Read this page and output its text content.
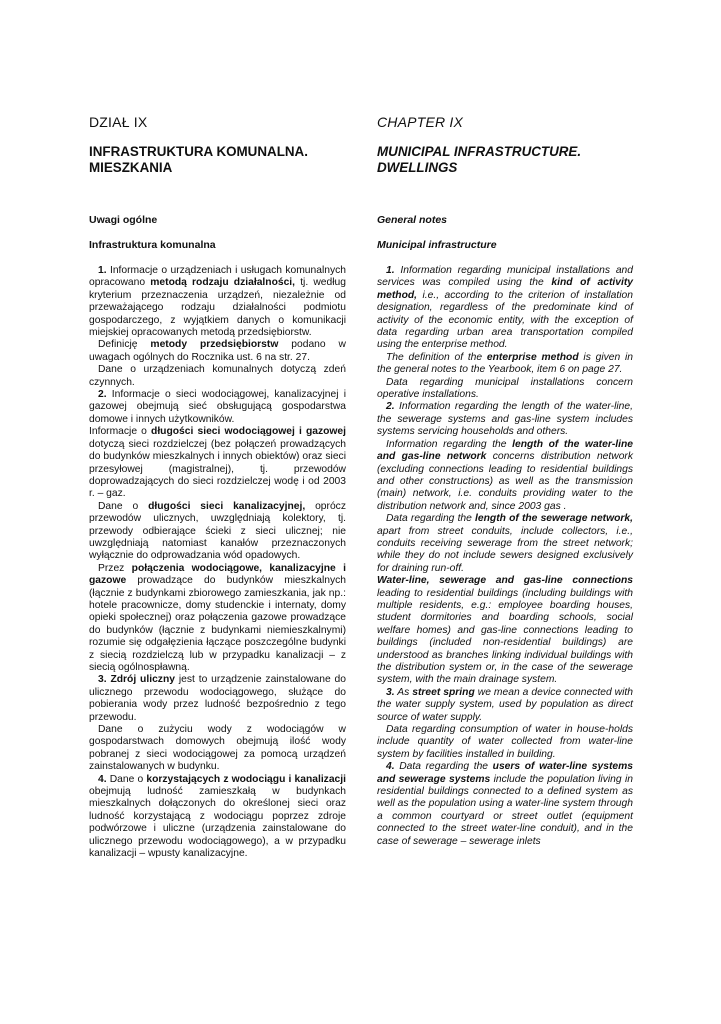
DZIAŁ IX
INFRASTRUKTURA KOMUNALNA.
MIESZKANIA
Uwagi ogólne
Infrastruktura komunalna

1. Informacje o urządzeniach i usługach komunalnych opracowano metodą rodzaju działalności, tj. według kryterium przeznaczenia urządzeń, niezależnie od przeważającego rodzaju działalności podmiotu gospodarczego, z wyjątkiem danych o komunikacji miejskiej opracowanych metodą przedsiębiorstw.

Definicję metody przedsiębiorstw podano w uwagach ogólnych do Rocznika ust. 6 na str. 27.

Dane o urządzeniach komunalnych dotyczą zdeń czynnych.

2. Informacje o sieci wodociągowej, kanalizacyjnej i gazowej obejmują sieć obsługującą gospodarstwa domowe i innych użytkowników.

Informacje o długości sieci wodociągowej i gazowej dotyczą sieci rozdzielczej (bez połączeń prowadzących do budynków mieszkalnych i innych obiektów) oraz sieci przesyłowej (magistralnej), tj. przewodów doprowadzających do sieci rozdzielczej wodę i od 2003 r. – gaz.

Dane o długości sieci kanalizacyjnej, oprócz przewodów ulicznych, uwzględniają kolektory, tj. przewody odbierające ścieki z sieci ulicznej; nie uwzględniają natomiast kanałów przeznaczonych wyłącznie do odprowadzania wód opadowych.

Przez połączenia wodociągowe, kanalizacyjne i gazowe prowadzące do budynków mieszkalnych (łącznie z budynkami zbiorowego zamieszkania, jak np.: hotele pracownicze, domy studenckie i internaty, domy opieki społecznej) oraz połączenia gazowe prowadzące do budynków (łącznie z budynkami niemieszkalnymi) rozumie się odgałęzienia łączące poszczególne budynki z siecią rozdzielczą lub w przypadku kanalizacji – z siecią ogólnospławną.

3. Zdrój uliczny jest to urządzenie zainstalowane do ulicznego przewodu wodociągowego, służące do pobierania wody przez ludność bezpośrednio z tego przewodu.

Dane o zużyciu wody z wodociągów w gospodarstwach domowych obejmują ilość wody pobranej z sieci wodociągowej za pomocą urządzeń zainstalowanych w budynku.

4. Dane o korzystających z wodociągu i kanalizacji obejmują ludność zamieszkałą w budynkach mieszkalnych dołączonych do określonej sieci oraz ludność korzystającą z wodociągu poprzez zdroje podwórzowe i uliczne (urządzenia zainstalowane do ulicznego przewodu wodociągowego), a w przypadku kanalizacji – wpusty kanalizacyjne.

CHAPTER IX
MUNICIPAL INFRASTRUCTURE.
DWELLINGS
General notes
Municipal infrastructure

1. Information regarding municipal installations and services was compiled using the kind of activity method, i.e., according to the criterion of installation designation, regardless of the predominate kind of activity of the economic entity, with the exception of data regarding urban area transportation compiled using the enterprise method.

The definition of the enterprise method is given in the general notes to the Yearbook, item 6 on page 27.

Data regarding municipal installations concern operative installations.

2. Information regarding the length of the water-line, the sewerage systems and gas-line system includes systems servicing households and others.

Information regarding the length of the water-line and gas-line network concerns distribution network (excluding connections leading to residential buildings and other constructions) as well as the transmission (main) network, i.e. conduits providing water to the distribution network and, since 2003 gas .

Data regarding the length of the sewerage network, apart from street conduits, include collectors, i.e., conduits receiving sewerage from the street network; while they do not include sewers designed exclusively for draining run-off.

Water-line, sewerage and gas-line connections leading to residential buildings (including buildings with multiple residents, e.g.: employee boarding houses, student dormitories and boarding schools, social welfare homes) and gas-line connections leading to buildings (included non-residential buildings) are understood as branches linking individual buildings with the distribution system or, in the case of the sewerage system, with the main drainage system.

3. As street spring we mean a device connected with the water supply system, used by population as direct source of water supply.

Data regarding consumption of water in house-holds include quantity of water collected from water-line system by facilities installed in building.

4. Data regarding the users of water-line systems and sewerage systems include the population living in residential buildings connected to a defined system as well as the population using a water-line system through a common courtyard or street outlet (equipment connected to the street water-line conduit), and in the case of sewerage – sewerage inlets
